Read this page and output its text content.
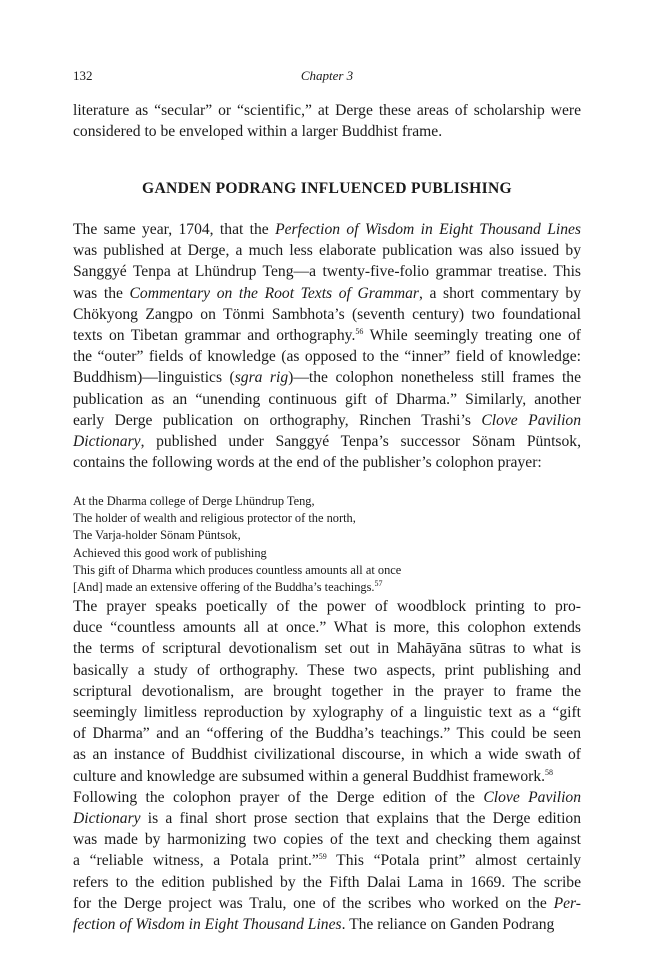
132	Chapter 3
literature as “secular” or “scientific,” at Derge these areas of scholarship were
considered to be enveloped within a larger Buddhist frame.
GANDEN PODRANG INFLUENCED PUBLISHING
The same year, 1704, that the Perfection of Wisdom in Eight Thousand Lines
was published at Derge, a much less elaborate publication was also issued by
Sanggyé Tenpa at Lhündrup Teng—a twenty-five-folio grammar treatise. This
was the Commentary on the Root Texts of Grammar, a short commentary by
Chökyong Zangpo on Tönmi Sambhota’s (seventh century) two foundational
texts on Tibetan grammar and orthography.$^{56}$ While seemingly treating one of
the “outer” fields of knowledge (as opposed to the “inner” field of knowledge:
Buddhism)—linguistics (sgra rig)—the colophon nonetheless still frames the
publication as an “unending continuous gift of Dharma.” Similarly, another
early Derge publication on orthography, Rinchen Trashi’s Clove Pavilion
Dictionary, published under Sanggyé Tenpa’s successor Sönam Püntsok,
contains the following words at the end of the publisher’s colophon prayer:
At the Dharma college of Derge Lhündrup Teng,
The holder of wealth and religious protector of the north,
The Varja-holder Sönam Püntsok,
Achieved this good work of publishing
This gift of Dharma which produces countless amounts all at once
[And] made an extensive offering of the Buddha’s teachings.$^{57}$
The prayer speaks poetically of the power of woodblock printing to pro-
duce “countless amounts all at once.” What is more, this colophon extends
the terms of scriptural devotionalism set out in Mahāyāna sūtras to what is
basically a study of orthography. These two aspects, print publishing and
scriptural devotionalism, are brought together in the prayer to frame the
seemingly limitless reproduction by xylography of a linguistic text as a “gift
of Dharma” and an “offering of the Buddha’s teachings.” This could be seen
as an instance of Buddhist civilizational discourse, in which a wide swath of
culture and knowledge are subsumed within a general Buddhist framework.$^{58}$
Following the colophon prayer of the Derge edition of the Clove Pavilion
Dictionary is a final short prose section that explains that the Derge edition
was made by harmonizing two copies of the text and checking them against
a “reliable witness, a Potala print.”$^{59}$ This “Potala print” almost certainly
refers to the edition published by the Fifth Dalai Lama in 1669. The scribe
for the Derge project was Tralu, one of the scribes who worked on the Per-
fection of Wisdom in Eight Thousand Lines. The reliance on Ganden Podrang
